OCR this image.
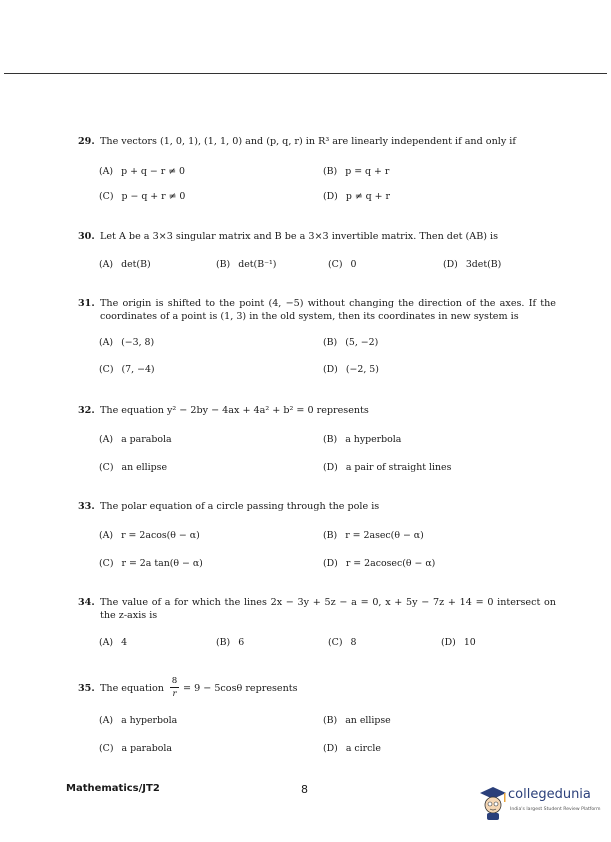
29. The vectors (1, 0, 1), (1, 1, 0) and (p, q, r) in R³ are linearly independent if and only if
(A) p + q − r ≠ 0	(B) p = q + r
(C) p − q + r ≠ 0	(D) p ≠ q + r
30. Let A be a 3×3 singular matrix and B be a 3×3 invertible matrix. Then det (AB) is
(A) det(B)	(B) det(B⁻¹)	(C) 0	(D) 3det(B)
31. The origin is shifted to the point (4, −5) without changing the direction of the axes. If the coordinates of a point is (1, 3) in the old system, then its coordinates in new system is
(A) (−3, 8)	(B) (5, −2)
(C) (7, −4)	(D) (−2, 5)
32. The equation y² − 2by − 4ax + 4a² + b² = 0 represents
(A) a parabola	(B) a hyperbola
(C) an ellipse	(D) a pair of straight lines
33. The polar equation of a circle passing through the pole is
(A) r = 2acos(θ − α)	(B) r = 2asec(θ − α)
(C) r = 2a tan(θ − α)	(D) r = 2acosec(θ − α)
34. The value of a for which the lines 2x − 3y + 5z − a = 0, x + 5y − 7z + 14 = 0 intersect on the z-axis is
(A) 4	(B) 6	(C) 8	(D) 10
35. The equation
8
r = 9 − 5cosθ represents
(A) a hyperbola	(B) an ellipse
(C) a parabola	(D) a circle
Mathematics/JT2	8	collegedunia
India's largest Student Review Platform
